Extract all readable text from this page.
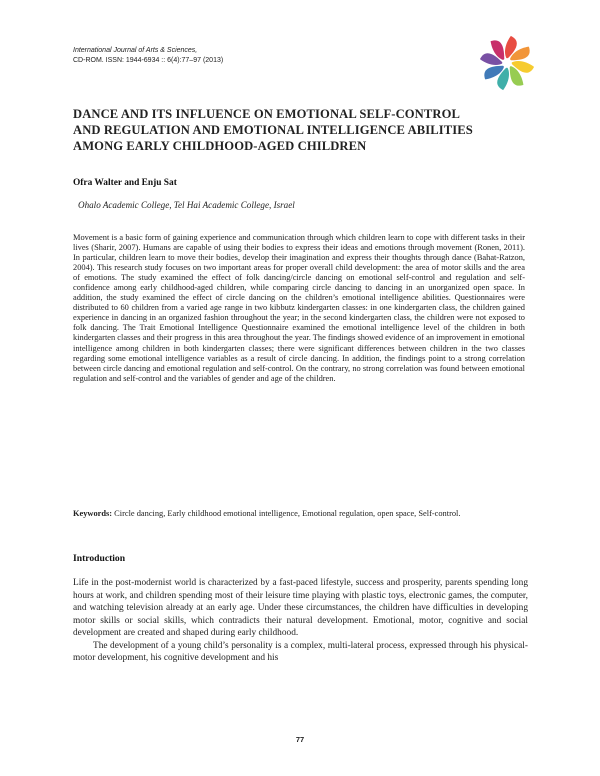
International Journal of Arts & Sciences,
CD-ROM. ISSN: 1944-6934 :: 6(4):77–97 (2013)
DANCE AND ITS INFLUENCE ON EMOTIONAL SELF-CONTROL
AND REGULATION AND EMOTIONAL INTELLIGENCE ABILITIES
AMONG EARLY CHILDHOOD-AGED CHILDREN
Ofra Walter and Enju Sat
Ohalo Academic College, Tel Hai Academic College, Israel
Movement is a basic form of gaining experience and communication through which children learn to cope with different tasks in their lives (Sharir, 2007). Humans are capable of using their bodies to express their ideas and emotions through movement (Ronen, 2011). In particular, children learn to move their bodies, develop their imagination and express their thoughts through dance (Bahat-Ratzon, 2004). This research study focuses on two important areas for proper overall child development: the area of motor skills and the area of emotions. The study examined the effect of folk dancing/circle dancing on emotional self-control and regulation and self-confidence among early childhood-aged children, while comparing circle dancing to dancing in an unorganized open space. In addition, the study examined the effect of circle dancing on the children’s emotional intelligence abilities. Questionnaires were distributed to 60 children from a varied age range in two kibbutz kindergarten classes: in one kindergarten class, the children gained experience in dancing in an organized fashion throughout the year; in the second kindergarten class, the children were not exposed to folk dancing. The Trait Emotional Intelligence Questionnaire examined the emotional intelligence level of the children in both kindergarten classes and their progress in this area throughout the year. The findings showed evidence of an improvement in emotional intelligence among children in both kindergarten classes; there were significant differences between children in the two classes regarding some emotional intelligence variables as a result of circle dancing. In addition, the findings point to a strong correlation between circle dancing and emotional regulation and self-control. On the contrary, no strong correlation was found between emotional regulation and self-control and the variables of gender and age of the children.
Keywords: Circle dancing, Early childhood emotional intelligence, Emotional regulation, open space, Self-control.
Introduction

Life in the post-modernist world is characterized by a fast-paced lifestyle, success and prosperity, parents spending long hours at work, and children spending most of their leisure time playing with plastic toys, electronic games, the computer, and watching television already at an early age. Under these circumstances, the children have difficulties in developing motor skills or social skills, which contradicts their natural development. Emotional, motor, cognitive and social development are created and shaped during early childhood.

The development of a young child’s personality is a complex, multi-lateral process, expressed through his physical-motor development, his cognitive development and his

77
